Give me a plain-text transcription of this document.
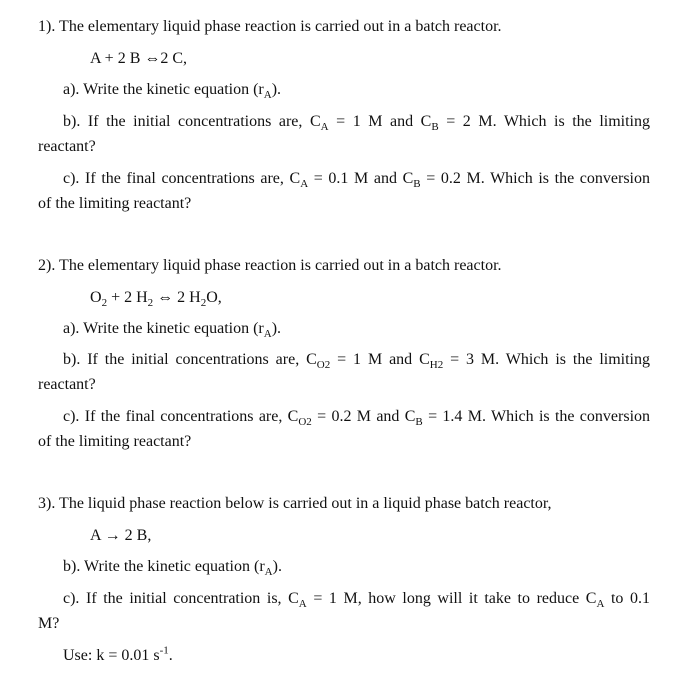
1). The elementary liquid phase reaction is carried out in a batch reactor.
A + 2 B ⇔2 C,
a). Write the kinetic equation $(r_A)$.
b). If the initial concentrations are, $C_A = 1$ M and $C_B = 2$ M. Which is the limiting
reactant?
c). If the final concentrations are, $C_A = 0.1$ M and $C_B = 0.2$ M. Which is the conversion
of the limiting reactant?
2). The elementary liquid phase reaction is carried out in a batch reactor.
$O_2 + 2$ $H_2$ ⇔ 2 $H_2O$,
a). Write the kinetic equation $(r_A)$.
b). If the initial concentrations are, $C_{O2} = 1$ M and $C_{H2} = 3$ M. Which is the limiting
reactant?
c). If the final concentrations are, $C_{O2} = 0.2$ M and $C_B = 1.4$ M. Which is the conversion
of the limiting reactant?
3). The liquid phase reaction below is carried out in a liquid phase batch reactor,
A → 2 B,
b). Write the kinetic equation $(r_A)$.
c). If the initial concentration is, $C_A = 1$ M, how long will it take to reduce $C_A$ to 0.1
M?
Use: k = 0.01 $s^{-1}$.
